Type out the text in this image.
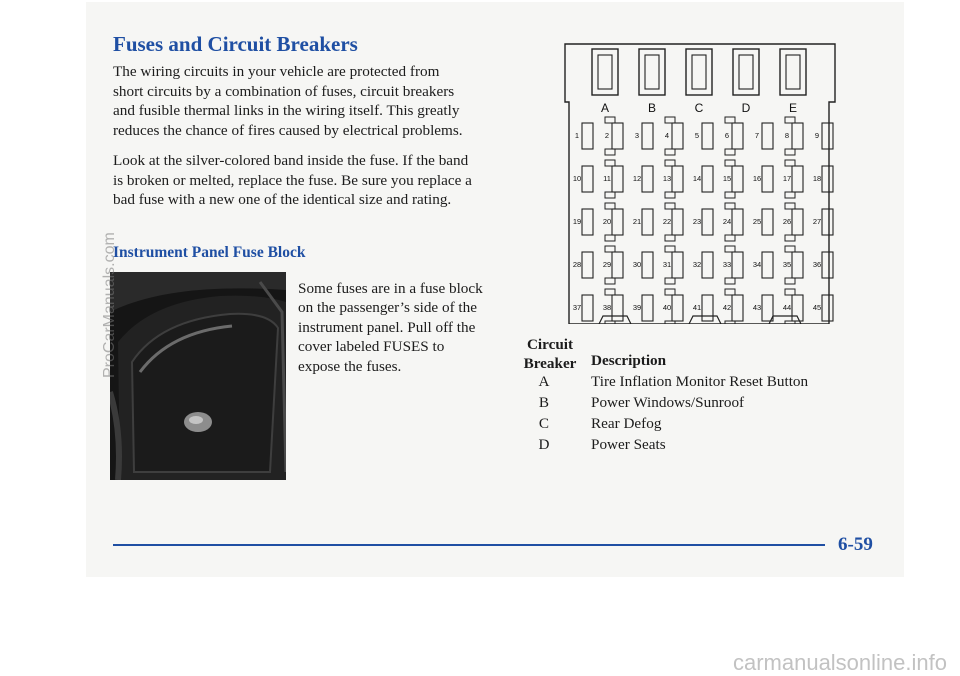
Fuses and Circuit Breakers

The wiring circuits in your vehicle are protected from short circuits by a combination of fuses, circuit breakers and fusible thermal links in the wiring itself. This greatly reduces the chance of fires caused by electrical problems.

Look at the silver-colored band inside the fuse. If the band is broken or melted, replace the fuse. Be sure you replace a bad fuse with a new one of the identical size and rating.

Instrument Panel Fuse Block

Some fuses are in a fuse block on the passenger’s side of the instrument panel. Pull off the cover labeled FUSES to expose the fuses.

A	B	C	D	E
1	2	3	4	5	6	7	8	9
10	11	12	13	14	15	16	17	18
19	20	21	22	23	24	25	26	27
28	29	30	31	32	33	34	35	36
37	38	39	40	41	42	43	44	45
Circuit Breaker Description
A	Tire Inflation Monitor Reset Button
B	Power Windows/Sunroof
C	Rear Defog
D	Power Seats

6-59

ProCarManuals.com
carmanualsonline.info
